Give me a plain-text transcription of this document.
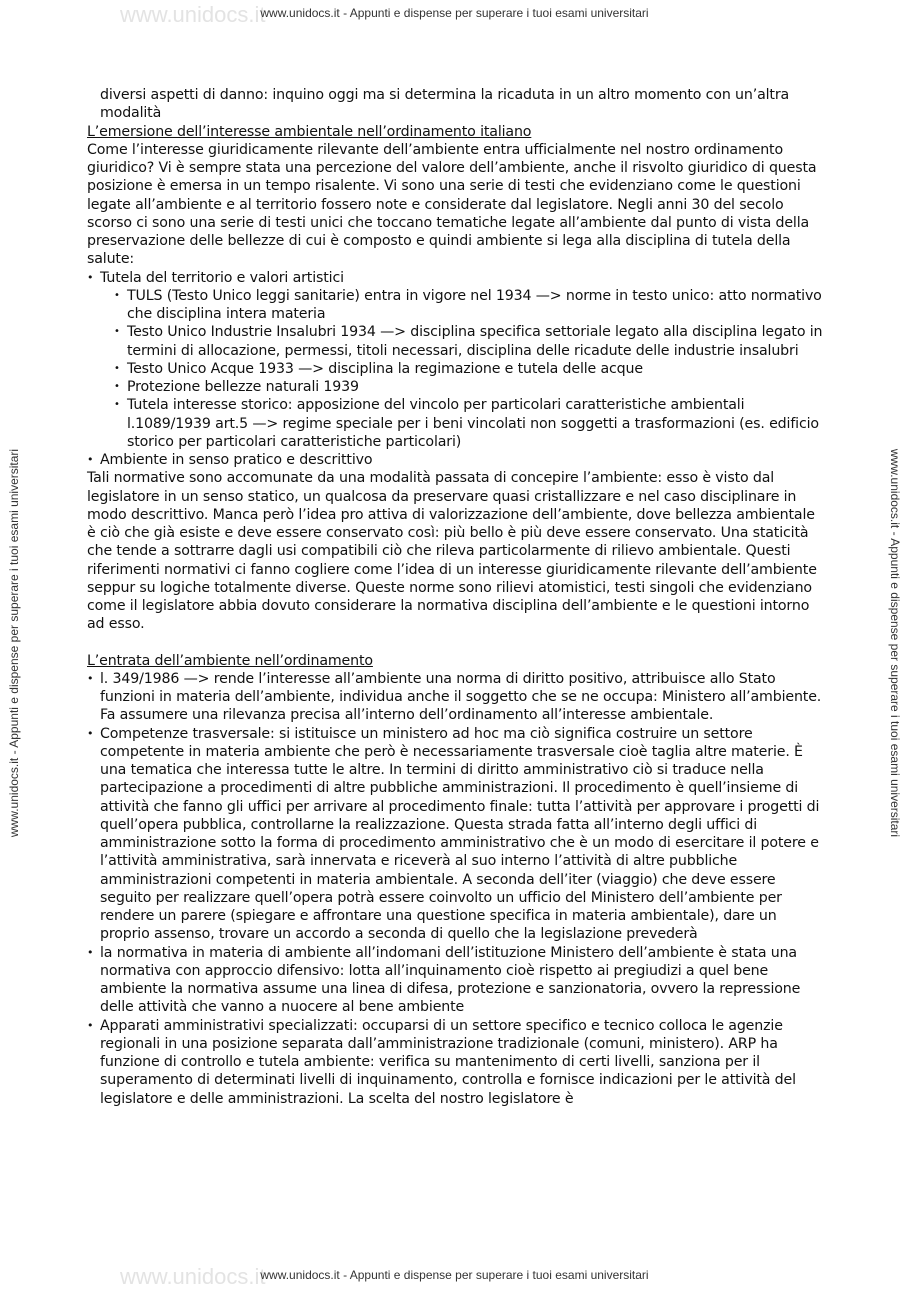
www.unidocs.it
www.unidocs.it
www.unidocs.it - Appunti e dispense per superare i tuoi esami universitari
www.unidocs.it - Appunti e dispense per superare i tuoi esami universitari
www.unidocs.it - Appunti e dispense per superare i tuoi esami universitari	www.unidocs.it - Appunti e dispense per superare i tuoi esami universitari

diversi aspetti di danno: inquino oggi ma si determina la ricaduta in un altro momento con un’altra modalità

L’emersione dell’interesse ambientale nell’ordinamento italiano

Come l’interesse giuridicamente rilevante dell’ambiente entra ufficialmente nel nostro ordinamento giuridico? Vi è sempre stata una percezione del valore dell’ambiente, anche il risvolto giuridico di questa posizione è emersa in un tempo risalente. Vi sono una serie di testi che evidenziano come le questioni legate all’ambiente e al territorio fossero note e considerate dal legislatore. Negli anni 30 del secolo scorso ci sono una serie di testi unici che toccano tematiche legate all’ambiente dal punto di vista della preservazione delle bellezze di cui è composto e quindi ambiente si lega alla disciplina di tutela della salute:

• Tutela del territorio e valori artistici
• TULS (Testo Unico leggi sanitarie) entra in vigore nel 1934 —> norme in testo unico: atto normativo che disciplina intera materia
• Testo Unico Industrie Insalubri 1934 —> disciplina specifica settoriale legato alla disciplina legato in termini di allocazione, permessi, titoli necessari, disciplina delle ricadute delle industrie insalubri
• Testo Unico Acque 1933 —> disciplina la regimazione e tutela delle acque
• Protezione bellezze naturali 1939
• Tutela interesse storico: apposizione del vincolo per particolari caratteristiche ambientali l.1089/1939 art.5 —> regime speciale per i beni vincolati non soggetti a trasformazioni (es. edificio storico per particolari caratteristiche particolari)
• Ambiente in senso pratico e descrittivo

Tali normative sono accomunate da una modalità passata di concepire l’ambiente: esso è visto dal legislatore in un senso statico, un qualcosa da preservare quasi cristallizzare e nel caso disciplinare in modo descrittivo. Manca però l’idea pro attiva di valorizzazione dell’ambiente, dove bellezza ambientale è ciò che già esiste e deve essere conservato così: più bello è più deve essere conservato. Una staticità che tende a sottrarre dagli usi compatibili ciò che rileva particolarmente di rilievo ambientale. Questi riferimenti normativi ci fanno cogliere come l’idea di un interesse giuridicamente rilevante dell’ambiente seppur su logiche totalmente diverse. Queste norme sono rilievi atomistici, testi singoli che evidenziano come il legislatore abbia dovuto considerare la normativa disciplina dell’ambiente e le questioni intorno ad esso.

L’entrata dell’ambiente nell’ordinamento

• l. 349/1986 —> rende l’interesse all’ambiente una norma di diritto positivo, attribuisce allo Stato funzioni in materia dell’ambiente, individua anche il soggetto che se ne occupa: Ministero all’ambiente. Fa assumere una rilevanza precisa all’interno dell’ordinamento all’interesse ambientale.
• Competenze trasversale: si istituisce un ministero ad hoc ma ciò significa costruire un settore competente in materia ambiente che però è necessariamente trasversale cioè taglia altre materie. È una tematica che interessa tutte le altre. In termini di diritto amministrativo ciò si traduce nella partecipazione a procedimenti di altre pubbliche amministrazioni. Il procedimento è quell’insieme di attività che fanno gli uffici per arrivare al procedimento finale: tutta l’attività per approvare i progetti di quell’opera pubblica, controllarne la realizzazione. Questa strada fatta all’interno degli uffici di amministrazione sotto la forma di procedimento amministrativo che è un modo di esercitare il potere e l’attività amministrativa, sarà innervata e riceverà al suo interno l’attività di altre pubbliche amministrazioni competenti in materia ambientale. A seconda dell’iter (viaggio) che deve essere seguito per realizzare quell’opera potrà essere coinvolto un ufficio del Ministero dell’ambiente per rendere un parere (spiegare e affrontare una questione specifica in materia ambientale), dare un proprio assenso, trovare un accordo a seconda di quello che la legislazione prevederà
• la normativa in materia di ambiente all’indomani dell’istituzione Ministero dell’ambiente è stata una normativa con approccio difensivo: lotta all’inquinamento cioè rispetto ai pregiudizi a quel bene ambiente la normativa assume una linea di difesa, protezione e sanzionatoria, ovvero la repressione delle attività che vanno a nuocere al bene ambiente
• Apparati amministrativi specializzati: occuparsi di un settore specifico e tecnico colloca le agenzie regionali in una posizione separata dall’amministrazione tradizionale (comuni, ministero). ARP ha funzione di controllo e tutela ambiente: verifica su mantenimento di certi livelli, sanziona per il superamento di determinati livelli di inquinamento, controlla e fornisce indicazioni per le attività del legislatore e delle amministrazioni. La scelta del nostro legislatore è
